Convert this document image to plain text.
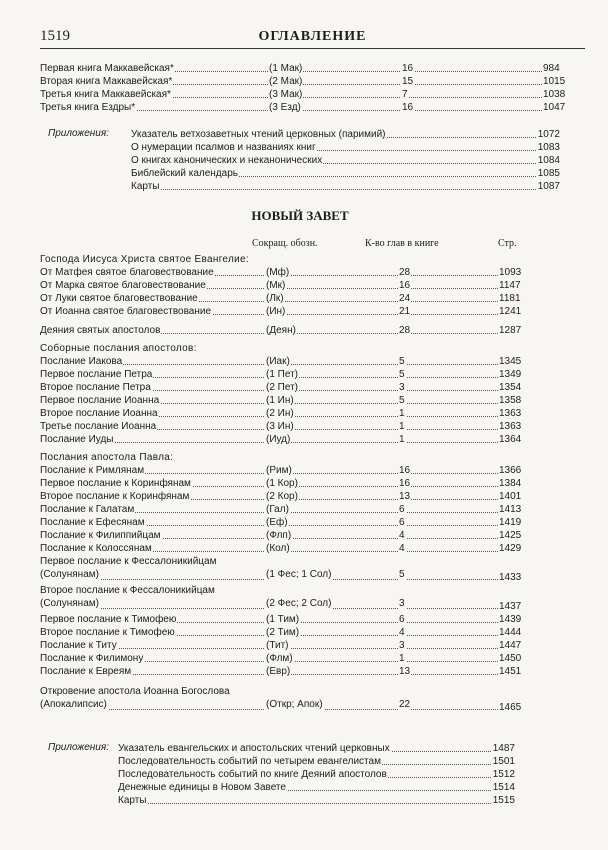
1519	ОГЛАВЛЕНИЕ
Первая книга Маккавейская*	(1 Мак)	16	984
Вторая книга Маккавейская*	(2 Мак)	15	1015
Третья книга Маккавейская*	(3 Мак)	7	1038
Третья книга Ездры*	(3 Езд)	16	1047
Приложения: Указатель ветхозаветных чтений церковных (паримий)	1072
О нумерации псалмов и названиях книг	1083
О книгах канонических и неканонических	1084
Библейский календарь	1085
Карты	1087
НОВЫЙ ЗАВЕТ
Сокращ. обозн.	К-во глав в книге	Стр.
Господа Иисуса Христа святое Евангелие:
От Матфея святое благовествование	(Мф)	28	1093
От Марка святое благовествование	(Мк)	16	1147
От Луки святое благовествование	(Лк)	24	1181
От Иоанна святое благовествование	(Ин)	21	1241
Деяния святых апостолов	(Деян)	28	1287
Соборные послания апостолов:
Послание Иакова	(Иак)	5	1345
Первое послание Петра	(1 Пет)	5	1349
Второе послание Петра	(2 Пет)	3	1354
Первое послание Иоанна	(1 Ин)	5	1358
Второе послание Иоанна	(2 Ин)	1	1363
Третье послание Иоанна	(3 Ин)	1	1363
Послание Иуды	(Иуд)	1	1364
Послания апостола Павла:
Послание к Римлянам	(Рим)	16	1366
Первое послание к Коринфянам	(1 Кор)	16	1384
Второе послание к Коринфянам	(2 Кор)	13	1401
Послание к Галатам	(Гал)	6	1413
Послание к Ефесянам	(Еф)	6	1419
Послание к Филиппийцам	(Флп)	4	1425
Послание к Колоссянам	(Кол)	4	1429
Первое послание к Фессалоникийцам
(Солунянам)	(1 Фес; 1 Сол)	5	1433
Второе послание к Фессалоникийцам
(Солунянам)	(2 Фес; 2 Сол)	3	1437
Первое послание к Тимофею	(1 Тим)	6	1439
Второе послание к Тимофею	(2 Тим)	4	1444
Послание к Титу	(Тит)	3	1447
Послание к Филимону	(Флм)	1	1450
Послание к Евреям	(Евр)	13	1451
Откровение апостола Иоанна Богослова
(Апокалипсис)	(Откр; Апок)	22	1465
Приложения: Указатель евангельских и апостольских чтений церковных	1487
Последовательность событий по четырем евангелистам	1501
Последовательность событий по книге Деяний апостолов	1512
Денежные единицы в Новом Завете	1514
Карты	1515
